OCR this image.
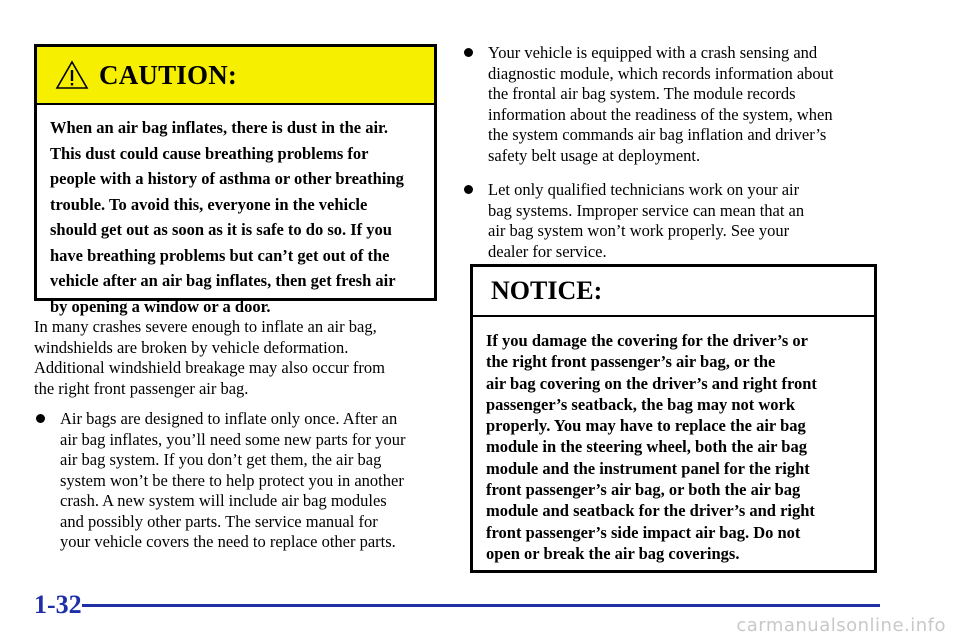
CAUTION:
When an air bag inflates, there is dust in the air.
This dust could cause breathing problems for
people with a history of asthma or other breathing
trouble. To avoid this, everyone in the vehicle
should get out as soon as it is safe to do so. If you
have breathing problems but can’t get out of the
vehicle after an air bag inflates, then get fresh air
by opening a window or a door.
In many crashes severe enough to inflate an air bag,
windshields are broken by vehicle deformation.
Additional windshield breakage may also occur from
the right front passenger air bag.
Air bags are designed to inflate only once. After an
air bag inflates, you’ll need some new parts for your
air bag system. If you don’t get them, the air bag
system won’t be there to help protect you in another
crash. A new system will include air bag modules
and possibly other parts. The service manual for
your vehicle covers the need to replace other parts.
Your vehicle is equipped with a crash sensing and
diagnostic module, which records information about
the frontal air bag system. The module records
information about the readiness of the system, when
the system commands air bag inflation and driver’s
safety belt usage at deployment.
Let only qualified technicians work on your air
bag systems. Improper service can mean that an
air bag system won’t work properly. See your
dealer for service.
NOTICE:
If you damage the covering for the driver’s or
the right front passenger’s air bag, or the
air bag covering on the driver’s and right front
passenger’s seatback, the bag may not work
properly. You may have to replace the air bag
module in the steering wheel, both the air bag
module and the instrument panel for the right
front passenger’s air bag, or both the air bag
module and seatback for the driver’s and right
front passenger’s side impact air bag. Do not
open or break the air bag coverings.
1-32
carmanualsonline.info
